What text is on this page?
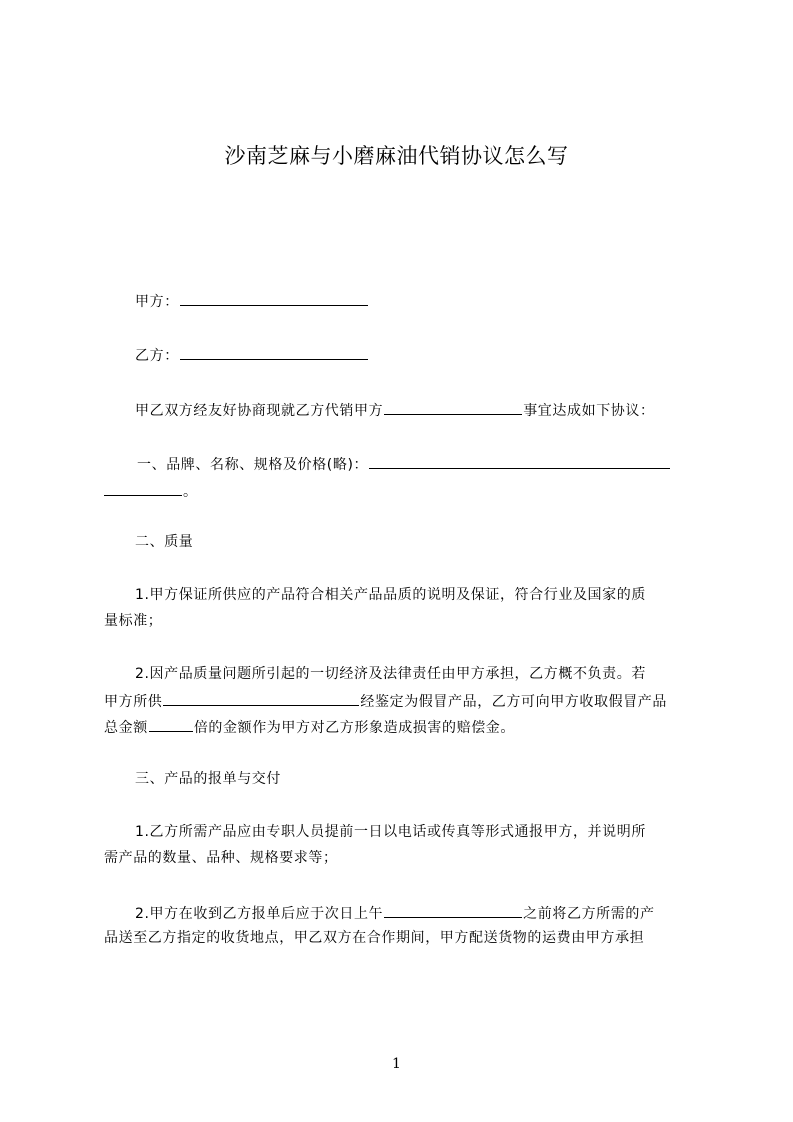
沙南芝麻与小磨麻油代销协议怎么写
甲方：
乙方：
甲乙双方经友好协商现就乙方代销甲方	事宜达成如下协议：
一、品牌、名称、规格及价格(略)：
。
二、质量
1.甲方保证所供应的产品符合相关产品品质的说明及保证，符合行业及国家的质
量标准；
2.因产品质量问题所引起的一切经济及法律责任由甲方承担，乙方概不负责。若
甲方所供	经鉴定为假冒产品，乙方可向甲方收取假冒产品
总金额	倍的金额作为甲方对乙方形象造成损害的赔偿金。
三、产品的报单与交付
1.乙方所需产品应由专职人员提前一日以电话或传真等形式通报甲方，并说明所
需产品的数量、品种、规格要求等；
2.甲方在收到乙方报单后应于次日上午	之前将乙方所需的产
品送至乙方指定的收货地点，甲乙双方在合作期间，甲方配送货物的运费由甲方承担
1
